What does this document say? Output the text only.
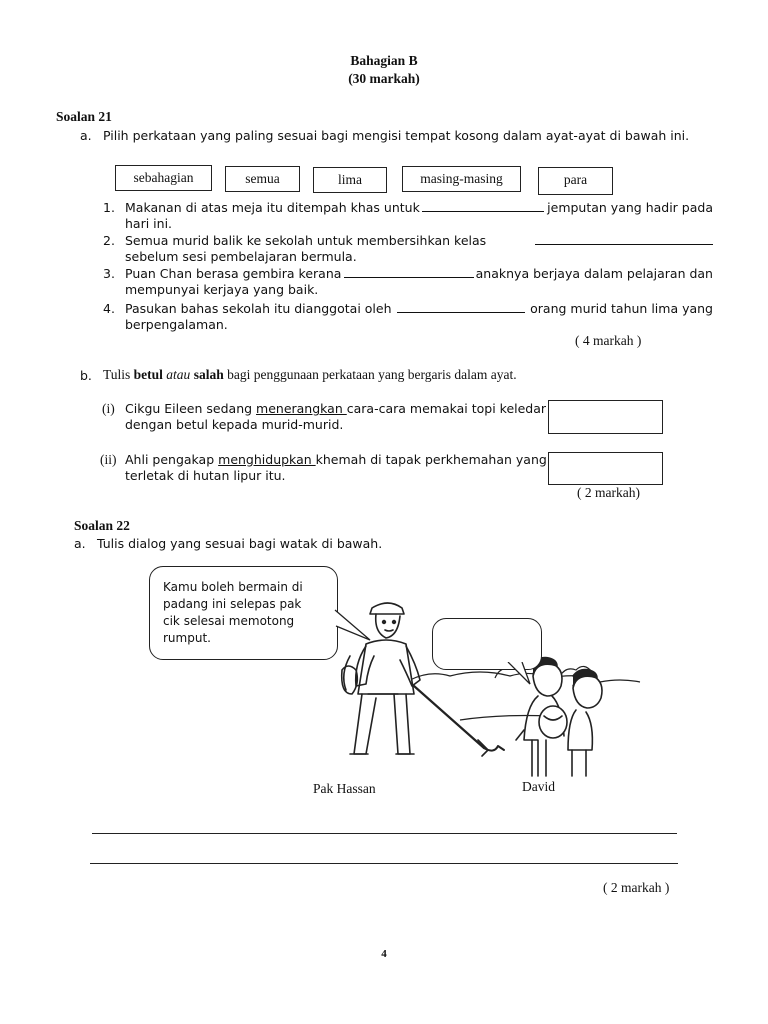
Bahagian B
(30 markah)
Soalan 21
a. Pilih perkataan yang paling sesuai bagi mengisi tempat kosong dalam ayat-ayat di bawah ini.
sebahagian	semua	lima	masing-masing	para
1. Makanan di atas meja itu ditempah khas untuk	jemputan yang hadir pada
hari ini.
2. Semua murid balik ke sekolah untuk membersihkan kelas
sebelum sesi pembelajaran bermula.
3. Puan Chan berasa gembira kerana	anaknya berjaya dalam pelajaran dan
mempunyai kerjaya yang baik.
4. Pasukan bahas sekolah itu dianggotai oleh	orang murid tahun lima yang
berpengalaman.
( 4 markah )
b. Tulis betul atau salah bagi penggunaan perkataan yang bergaris dalam ayat.
(i) Cikgu Eileen sedang menerangkan cara-cara memakai topi keledar
dengan betul kepada murid-murid.
(ii) Ahli pengakap menghidupkan khemah di tapak perkhemahan yang
terletak di hutan lipur itu.
( 2 markah)
Soalan 22
a. Tulis dialog yang sesuai bagi watak di bawah.
Kamu boleh bermain di
padang ini selepas pak
cik selesai memotong
rumput.
Pak Hassan	David
( 2 markah )
4
